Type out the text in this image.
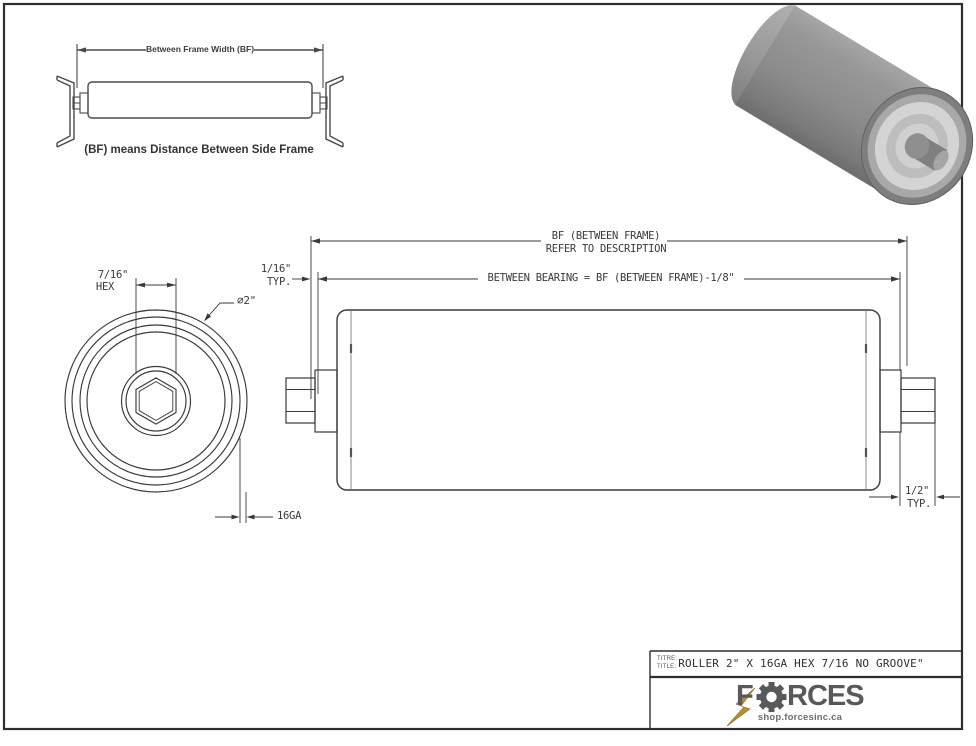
Between Frame Width (BF)
(BF) means Distance Between Side Frame
7/16"
HEX
∅2"
16GA
BF (BETWEEN FRAME)
REFER TO DESCRIPTION
BETWEEN BEARING = BF (BETWEEN FRAME)-1/8"
1/16"
TYP.
1/2"
TYP.
TITRE:
TITLE: ROLLER 2" X 16GA HEX 7/16 NO GROOVE"
F RCES
shop.forcesinc.ca
